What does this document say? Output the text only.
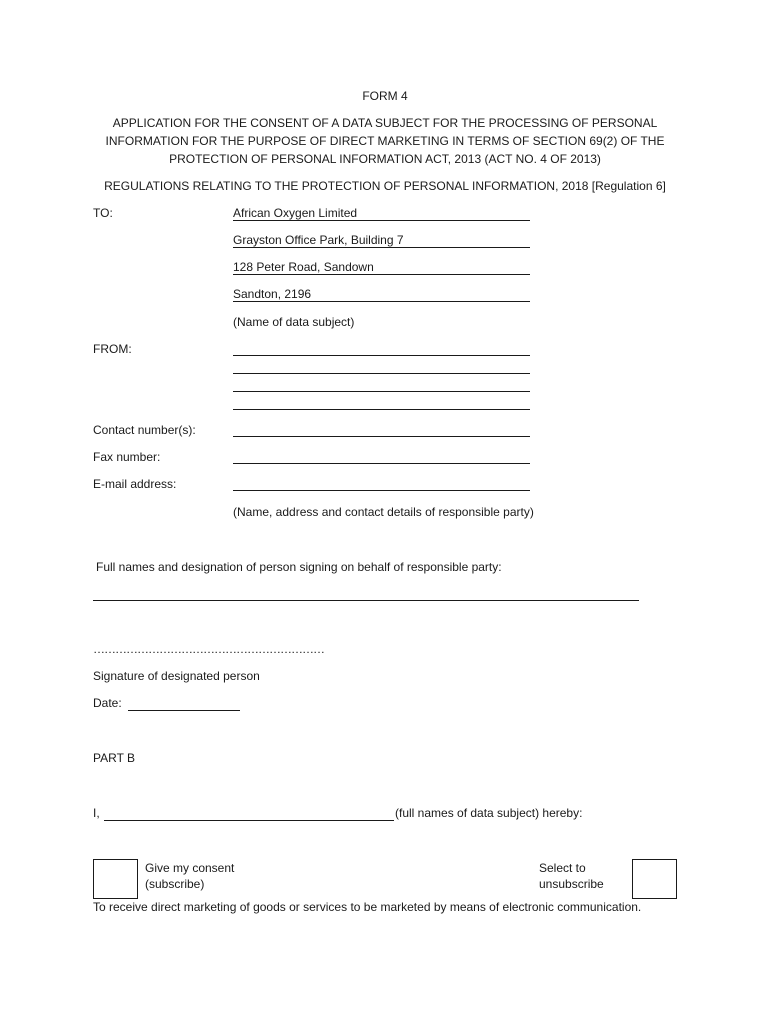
FORM 4
APPLICATION FOR THE CONSENT OF A DATA SUBJECT FOR THE PROCESSING OF PERSONAL
INFORMATION FOR THE PURPOSE OF DIRECT MARKETING IN TERMS OF SECTION 69(2) OF THE
PROTECTION OF PERSONAL INFORMATION ACT, 2013 (ACT NO. 4 OF 2013)
REGULATIONS RELATING TO THE PROTECTION OF PERSONAL INFORMATION, 2018 [Regulation 6]
TO:	African Oxygen Limited
Grayston Office Park, Building 7
128 Peter Road, Sandown
Sandton, 2196
(Name of data subject)
FROM:
Contact number(s):
Fax number:
E-mail address:
(Name, address and contact details of responsible party)
Full names and designation of person signing on behalf of responsible party:
………………………………………………………
Signature of designated person
Date:
PART B
I,	(full names of data subject) hereby:
Give my consent
(subscribe)
Select to
unsubscribe
To receive direct marketing of goods or services to be marketed by means of electronic communication.
